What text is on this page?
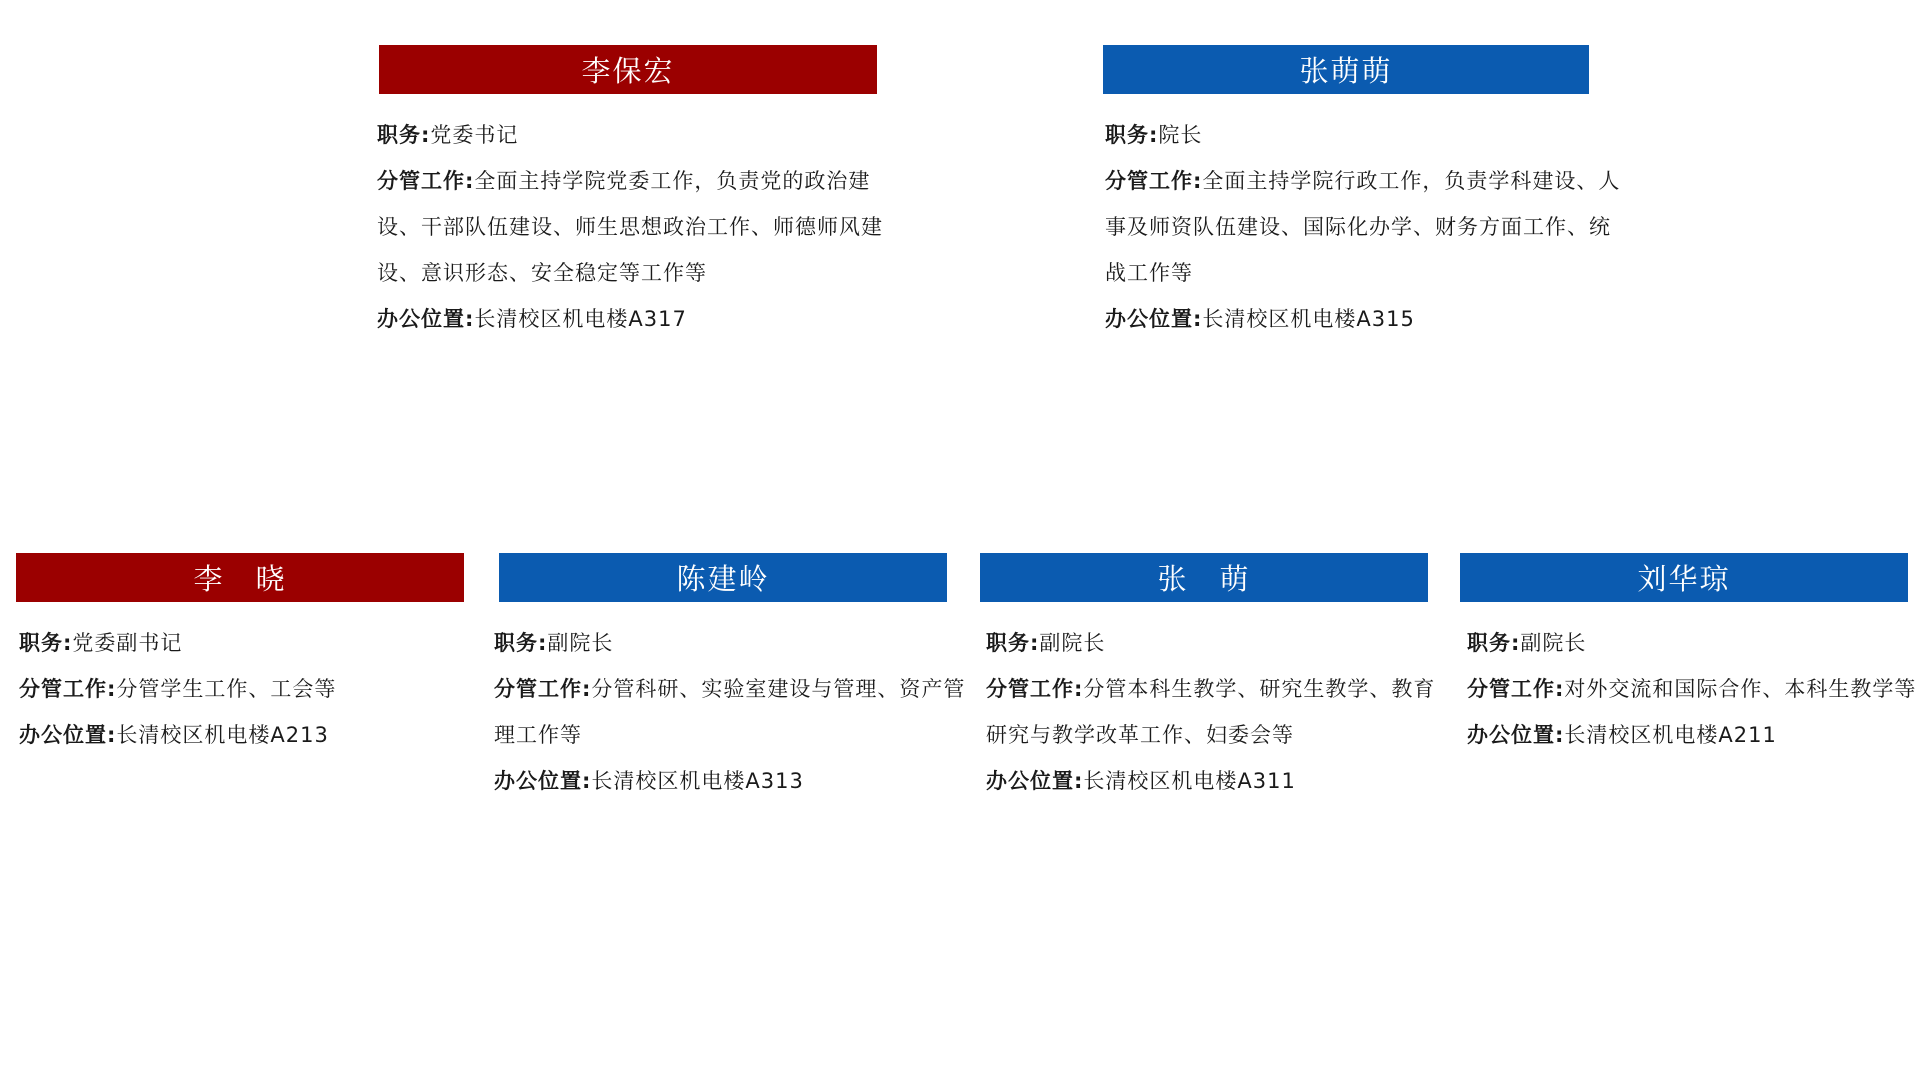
李保宏
职务:党委书记
分管工作:全面主持学院党委工作，负责党的政治建设、干部队伍建设、师生思想政治工作、师德师风建设、意识形态、安全稳定等工作等
办公位置:长清校区机电楼A317
张萌萌
职务:院长
分管工作:全面主持学院行政工作，负责学科建设、人事及师资队伍建设、国际化办学、财务方面工作、统战工作等
办公位置:长清校区机电楼A315
李　晓
职务:党委副书记
分管工作:分管学生工作、工会等
办公位置:长清校区机电楼A213
陈建岭
职务:副院长
分管工作:分管科研、实验室建设与管理、资产管理工作等
办公位置:长清校区机电楼A313
张　萌
职务:副院长
分管工作:分管本科生教学、研究生教学、教育研究与教学改革工作、妇委会等
办公位置:长清校区机电楼A311
刘华琼
职务:副院长
分管工作:对外交流和国际合作、本科生教学等
办公位置:长清校区机电楼A211
